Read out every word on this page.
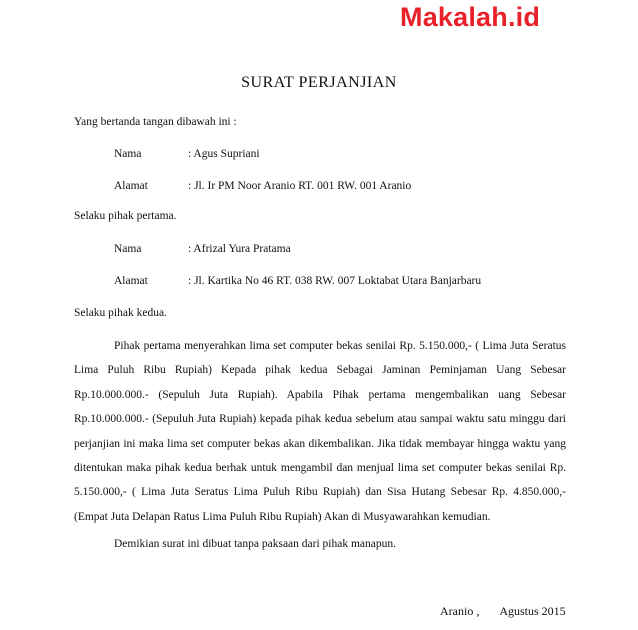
Makalah.id
SURAT PERJANJIAN
Yang bertanda tangan dibawah ini :
Nama	: Agus Supriani
Alamat	: Jl. Ir PM Noor Aranio RT. 001 RW. 001 Aranio
Selaku pihak pertama.
Nama	: Afrizal Yura Pratama
Alamat	: Jl. Kartika No 46 RT. 038 RW. 007 Loktabat Utara Banjarbaru
Selaku pihak kedua.
Pihak pertama menyerahkan lima set computer bekas senilai Rp. 5.150.000,- ( Lima Juta Seratus Lima Puluh Ribu Rupiah) Kepada pihak kedua Sebagai Jaminan Peminjaman Uang Sebesar Rp.10.000.000.- (Sepuluh Juta Rupiah). Apabila Pihak pertama mengembalikan uang Sebesar Rp.10.000.000.- (Sepuluh Juta Rupiah) kepada pihak kedua sebelum atau sampai waktu satu minggu dari perjanjian ini maka lima set computer bekas akan dikembalikan. Jika tidak membayar hingga waktu yang ditentukan maka pihak kedua berhak untuk mengambil dan menjual lima set computer bekas senilai Rp. 5.150.000,- ( Lima Juta Seratus Lima Puluh Ribu Rupiah) dan Sisa Hutang Sebesar Rp. 4.850.000,- (Empat Juta Delapan Ratus Lima Puluh Ribu Rupiah) Akan di Musyawarahkan kemudian.
Demikian surat ini dibuat tanpa paksaan dari pihak manapun.
Aranio , Agustus 2015
